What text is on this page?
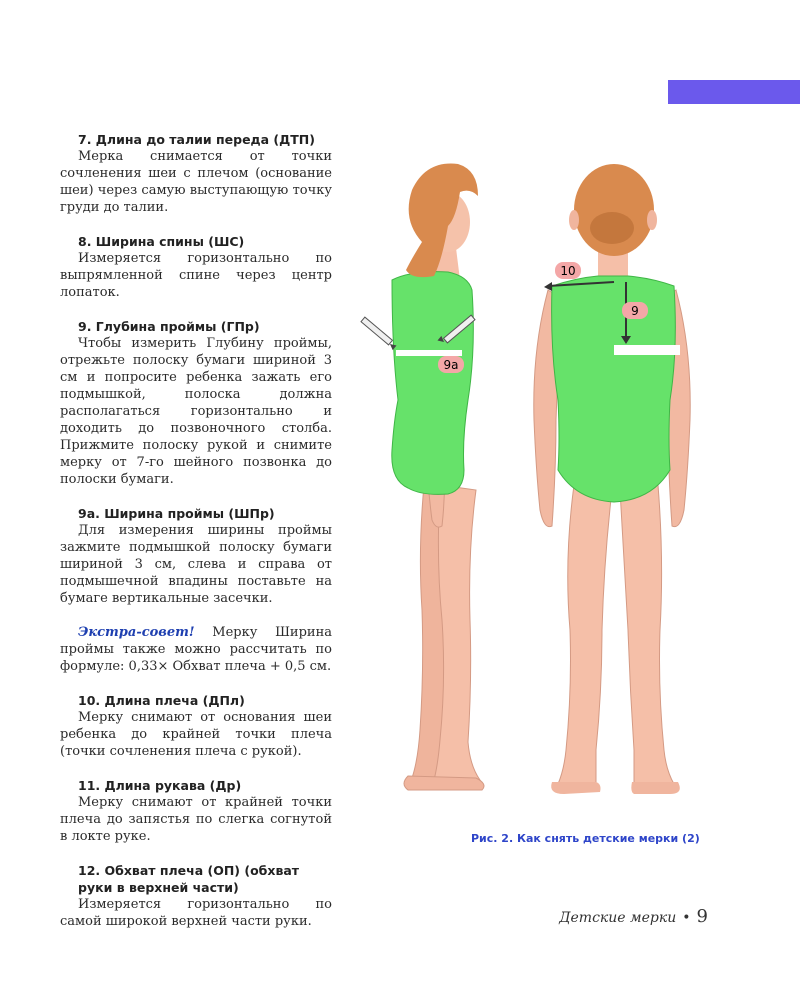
7. Длина до талии переда (ДТП)

Мерка снимается от точки сочленения шеи с плечом (основание шеи) через самую выступающую точку груди до талии.

8. Ширина спины (ШС)

Измеряется горизонтально по выпрямленной спине через центр лопаток.

9. Глубина проймы (ГПр)

Чтобы измерить Глубину проймы, отрежьте полоску бумаги шириной 3 см и попросите ребенка зажать его подмышкой, полоска должна располагаться горизонтально и доходить до позвоночного столба. Прижмите полоску рукой и снимите мерку от 7-го шейного позвонка до полоски бумаги.

9а. Ширина проймы (ШПр)

Для измерения ширины проймы зажмите подмышкой полоску бумаги шириной 3 см, слева и справа от подмышечной впадины поставьте на бумаге вертикальные засечки.

Экстра-совет! Мерку Ширина проймы также можно рассчитать по формуле: 0,33× Обхват плеча + 0,5 см.

10. Длина плеча (ДПл)

Мерку снимают от основания шеи ребенка до крайней точки плеча (точки сочленения плеча с рукой).

11. Длина рукава (Др)

Мерку снимают от крайней точки плеча до запястья по слегка согнутой в локте руке.

12. Обхват плеча (ОП) (обхват руки в верхней части)

Измеряется горизонтально по самой широкой верхней части руки.

9а
10
9
Рис. 2. Как снять детские мерки (2)
Детские мерки • 9
